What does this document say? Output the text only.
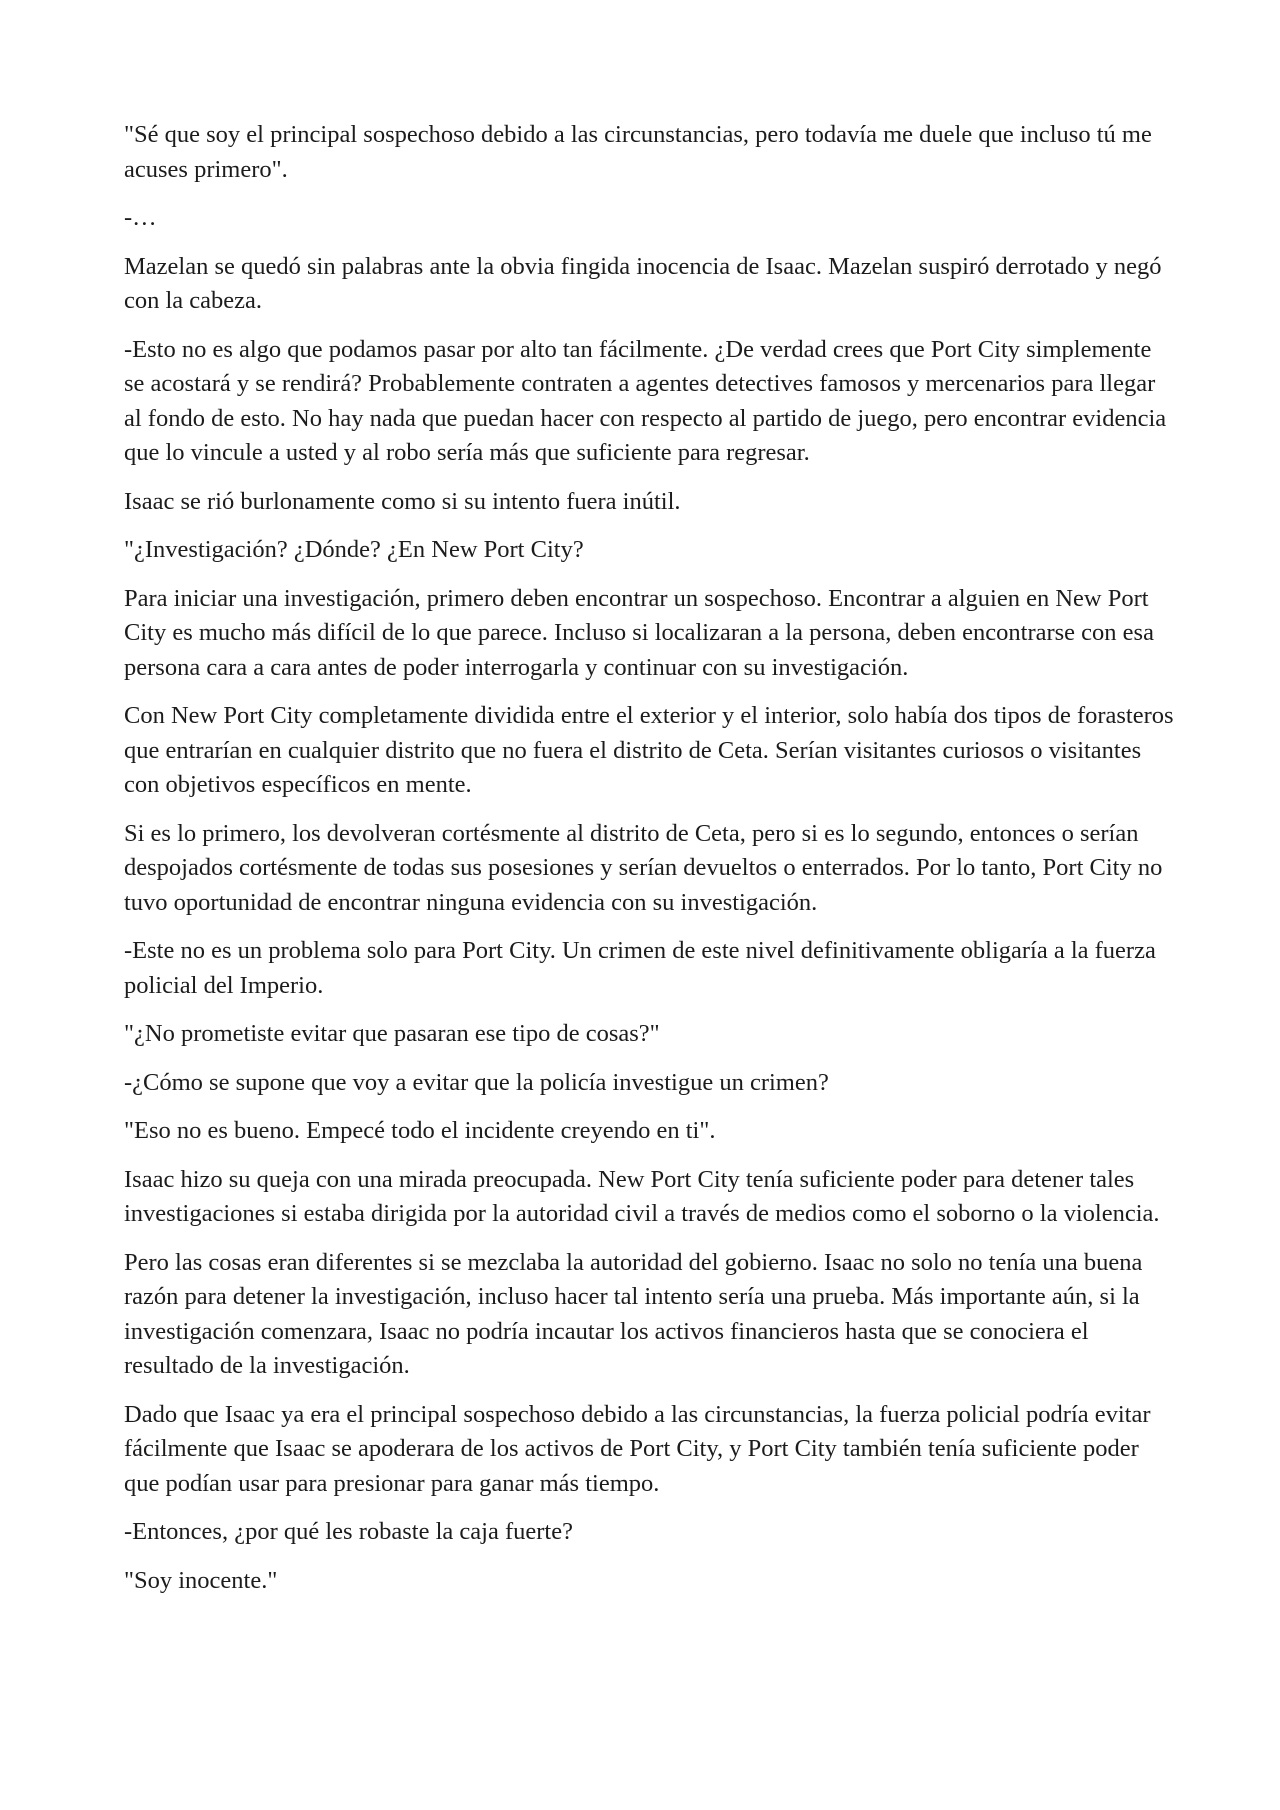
"Sé que soy el principal sospechoso debido a las circunstancias, pero todavía me duele que incluso tú me acuses primero".

-…

Mazelan se quedó sin palabras ante la obvia fingida inocencia de Isaac. Mazelan suspiró derrotado y negó con la cabeza.

-Esto no es algo que podamos pasar por alto tan fácilmente. ¿De verdad crees que Port City simplemente se acostará y se rendirá? Probablemente contraten a agentes detectives famosos y mercenarios para llegar al fondo de esto. No hay nada que puedan hacer con respecto al partido de juego, pero encontrar evidencia que lo vincule a usted y al robo sería más que suficiente para regresar.

Isaac se rió burlonamente como si su intento fuera inútil.

"¿Investigación? ¿Dónde? ¿En New Port City?

Para iniciar una investigación, primero deben encontrar un sospechoso. Encontrar a alguien en New Port City es mucho más difícil de lo que parece. Incluso si localizaran a la persona, deben encontrarse con esa persona cara a cara antes de poder interrogarla y continuar con su investigación.

Con New Port City completamente dividida entre el exterior y el interior, solo había dos tipos de forasteros que entrarían en cualquier distrito que no fuera el distrito de Ceta. Serían visitantes curiosos o visitantes con objetivos específicos en mente.

Si es lo primero, los devolveran cortésmente al distrito de Ceta, pero si es lo segundo, entonces o serían despojados cortésmente de todas sus posesiones y serían devueltos o enterrados. Por lo tanto, Port City no tuvo oportunidad de encontrar ninguna evidencia con su investigación.

-Este no es un problema solo para Port City. Un crimen de este nivel definitivamente obligaría a la fuerza policial del Imperio.

"¿No prometiste evitar que pasaran ese tipo de cosas?"

-¿Cómo se supone que voy a evitar que la policía investigue un crimen?

"Eso no es bueno. Empecé todo el incidente creyendo en ti".

Isaac hizo su queja con una mirada preocupada. New Port City tenía suficiente poder para detener tales investigaciones si estaba dirigida por la autoridad civil a través de medios como el soborno o la violencia.

Pero las cosas eran diferentes si se mezclaba la autoridad del gobierno. Isaac no solo no tenía una buena razón para detener la investigación, incluso hacer tal intento sería una prueba. Más importante aún, si la investigación comenzara, Isaac no podría incautar los activos financieros hasta que se conociera el resultado de la investigación.

Dado que Isaac ya era el principal sospechoso debido a las circunstancias, la fuerza policial podría evitar fácilmente que Isaac se apoderara de los activos de Port City, y Port City también tenía suficiente poder que podían usar para presionar para ganar más tiempo.

-Entonces, ¿por qué les robaste la caja fuerte?

"Soy inocente."
